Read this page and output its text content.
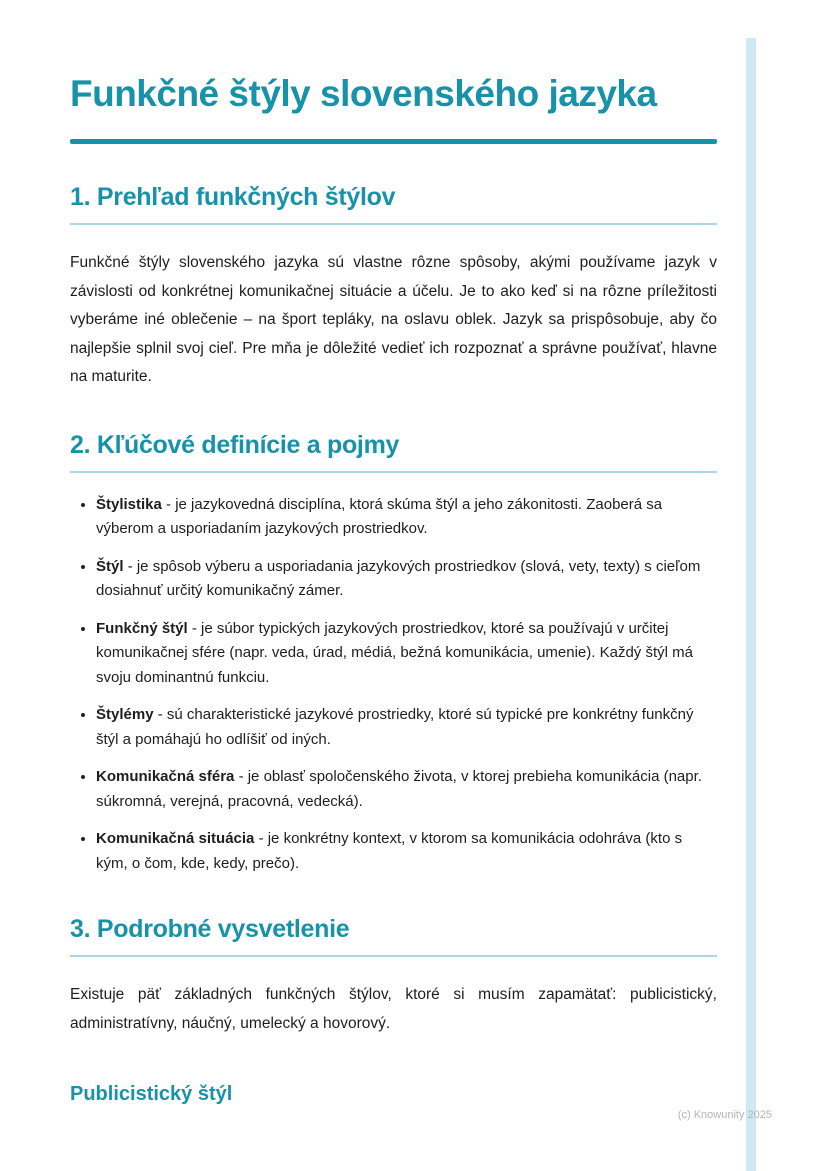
Funkčné štýly slovenského jazyka
1. Prehľad funkčných štýlov

Funkčné štýly slovenského jazyka sú vlastne rôzne spôsoby, akými používame jazyk v závislosti od konkrétnej komunikačnej situácie a účelu. Je to ako keď si na rôzne príležitosti vyberáme iné oblečenie – na šport tepláky, na oslavu oblek. Jazyk sa prispôsobuje, aby čo najlepšie splnil svoj cieľ. Pre mňa je dôležité vedieť ich rozpoznať a správne používať, hlavne na maturite.

2. Kľúčové definície a pojmy
• Štylistika - je jazykovedná disciplína, ktorá skúma štýl a jeho zákonitosti. Zaoberá sa výberom a usporiadaním jazykových prostriedkov.
• Štýl - je spôsob výberu a usporiadania jazykových prostriedkov (slová, vety, texty) s cieľom dosiahnuť určitý komunikačný zámer.
• Funkčný štýl - je súbor typických jazykových prostriedkov, ktoré sa používajú v určitej komunikačnej sfére (napr. veda, úrad, médiá, bežná komunikácia, umenie). Každý štýl má svoju dominantnú funkciu.
• Štylémy - sú charakteristické jazykové prostriedky, ktoré sú typické pre konkrétny funkčný štýl a pomáhajú ho odlíšiť od iných.
• Komunikačná sféra - je oblasť spoločenského života, v ktorej prebieha komunikácia (napr. súkromná, verejná, pracovná, vedecká).
• Komunikačná situácia - je konkrétny kontext, v ktorom sa komunikácia odohráva (kto s kým, o čom, kde, kedy, prečo).
3. Podrobné vysvetlenie

Existuje päť základných funkčných štýlov, ktoré si musím zapamätať: publicistický, administratívny, náučný, umelecký a hovorový.

Publicistický štýl
(c) Knowunity 2025
